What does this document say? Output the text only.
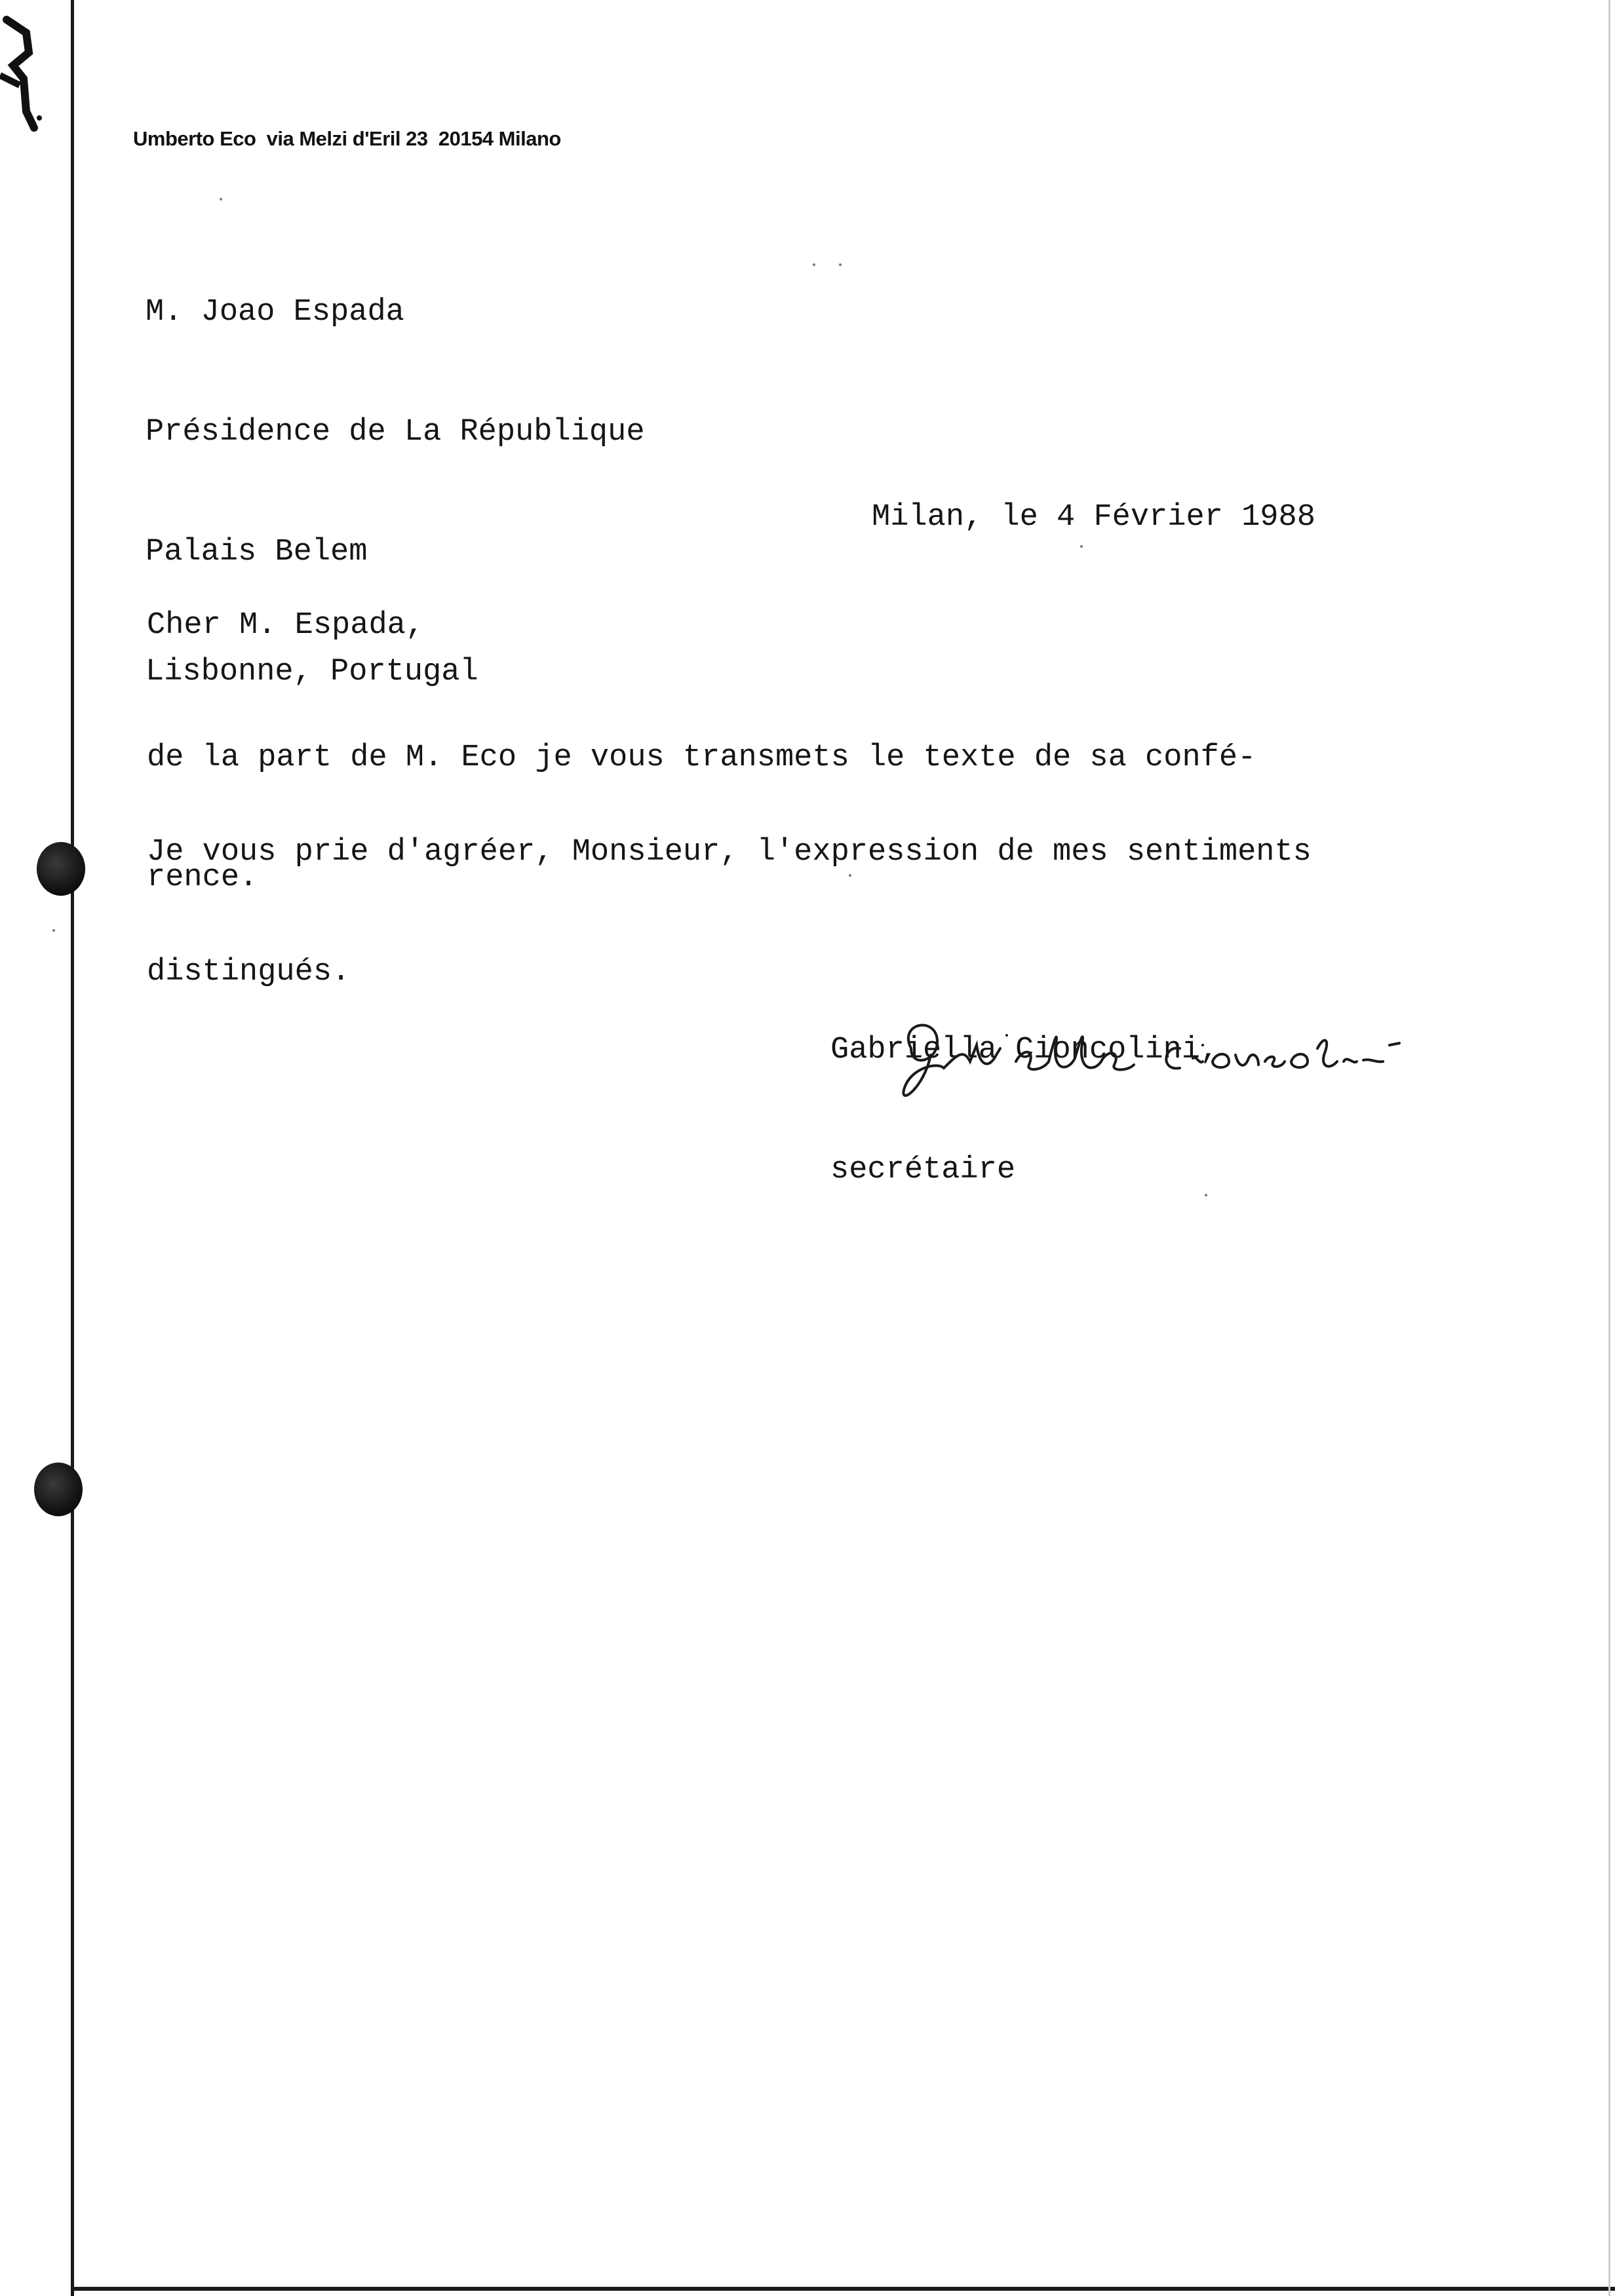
Umberto Eco  via Melzi d'Eril 23  20154 Milano

M. Joao Espada

Présidence de La République

Palais Belem

Lisbonne, Portugal

Milan, le 4 Février 1988
Cher M. Espada,

de la part de M. Eco je vous transmets le texte de sa confé-

rence.

Je vous prie d'agréer, Monsieur, l'expression de mes sentiments

distingués.

Gabriella Cioncolini,

secrétaire
